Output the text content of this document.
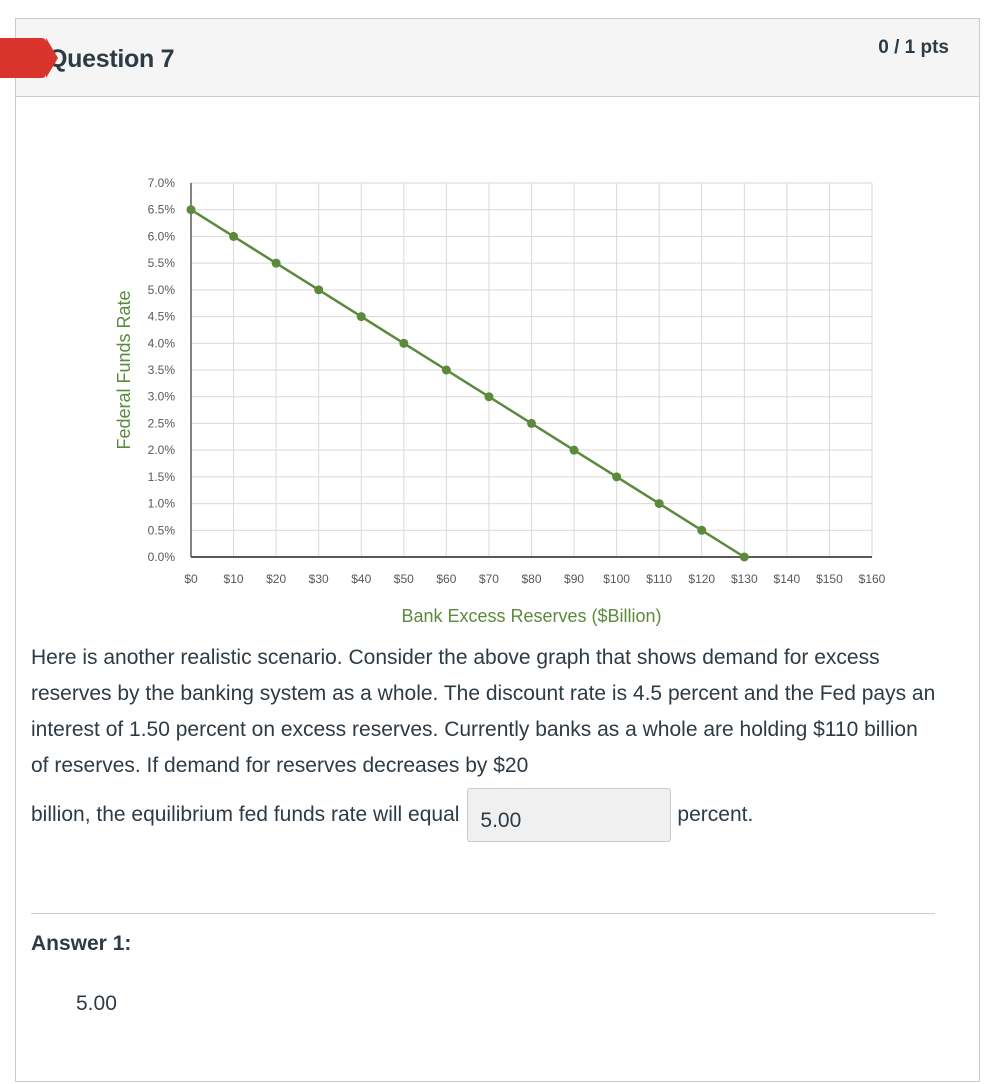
Question 7	0 / 1 pts
0.0%
0.5%
1.0%
1.5%
2.0%
2.5%
3.0%
3.5%
4.0%
4.5%
5.0%
5.5%
6.0%
6.5%
7.0%
$0 $10 $20 $30 $40 $50 $60 $70 $80 $90 $100 $110 $120 $130 $140 $150 $160
Bank Excess Reserves ($Billion)
Federal Funds Rate

Here is another realistic scenario. Consider the above graph that shows demand for excess reserves by the banking system as a whole. The discount rate is 4.5 percent and the Fed pays an interest of 1.50 percent on excess reserves. Currently banks as a whole are holding $110 billion of reserves. If demand for reserves decreases by $20

billion, the equilibrium fed funds rate will equal	5.00	percent.
Answer 1:
5.00
